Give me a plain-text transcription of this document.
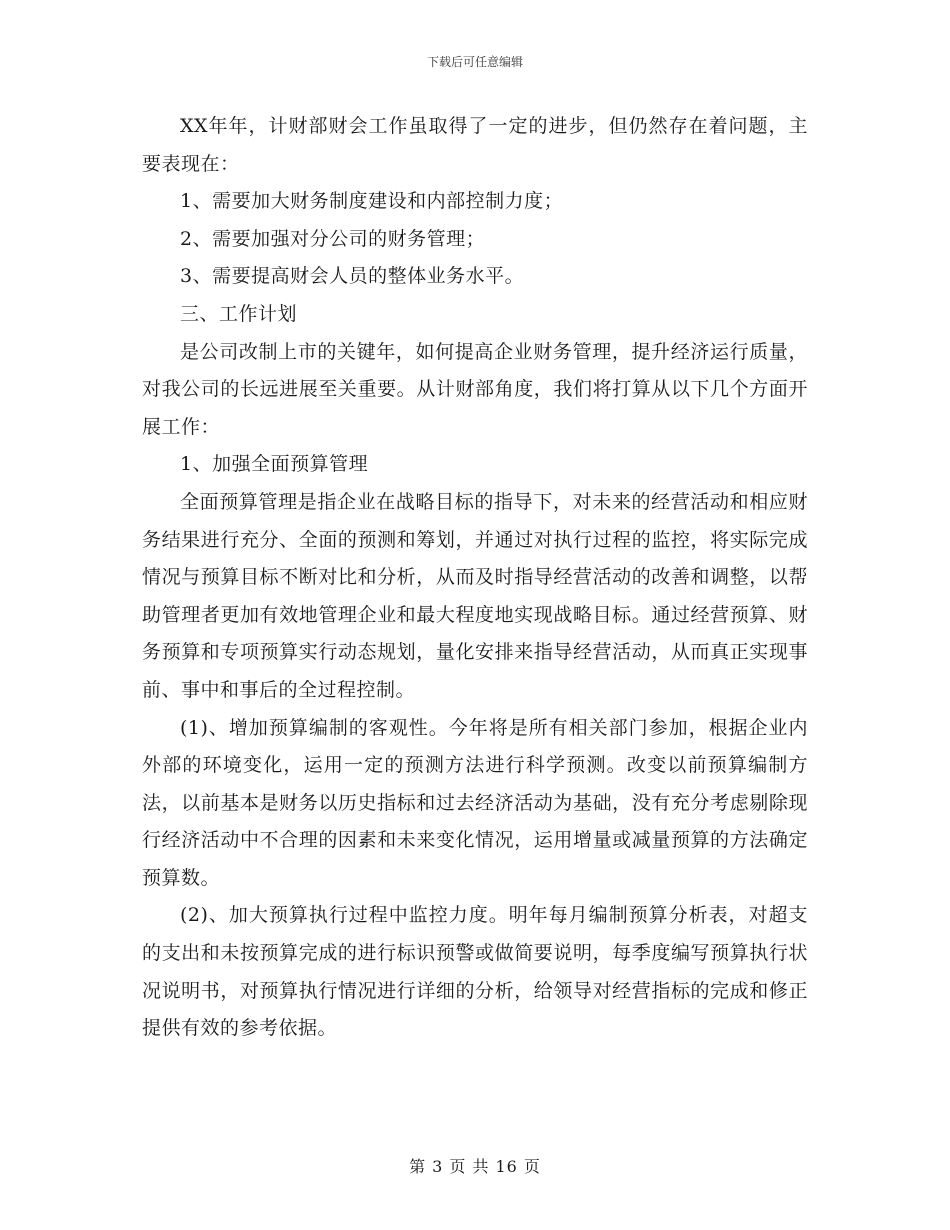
下载后可任意编辑

XX年年，计财部财会工作虽取得了一定的进步，但仍然存在着问题，主要表现在：

1、需要加大财务制度建设和内部控制力度；

2、需要加强对分公司的财务管理；

3、需要提高财会人员的整体业务水平。

三、工作计划

是公司改制上市的关键年，如何提高企业财务管理，提升经济运行质量，对我公司的长远进展至关重要。从计财部角度，我们将打算从以下几个方面开展工作：

1、加强全面预算管理

全面预算管理是指企业在战略目标的指导下，对未来的经营活动和相应财务结果进行充分、全面的预测和筹划，并通过对执行过程的监控，将实际完成情况与预算目标不断对比和分析，从而及时指导经营活动的改善和调整，以帮助管理者更加有效地管理企业和最大程度地实现战略目标。通过经营预算、财务预算和专项预算实行动态规划，量化安排来指导经营活动，从而真正实现事前、事中和事后的全过程控制。

(1)、增加预算编制的客观性。今年将是所有相关部门参加，根据企业内外部的环境变化，运用一定的预测方法进行科学预测。改变以前预算编制方法，以前基本是财务以历史指标和过去经济活动为基础，没有充分考虑剔除现行经济活动中不合理的因素和未来变化情况，运用增量或减量预算的方法确定预算数。

(2)、加大预算执行过程中监控力度。明年每月编制预算分析表，对超支的支出和未按预算完成的进行标识预警或做简要说明，每季度编写预算执行状况说明书，对预算执行情况进行详细的分析，给领导对经营指标的完成和修正提供有效的参考依据。

第 3 页 共 16 页
